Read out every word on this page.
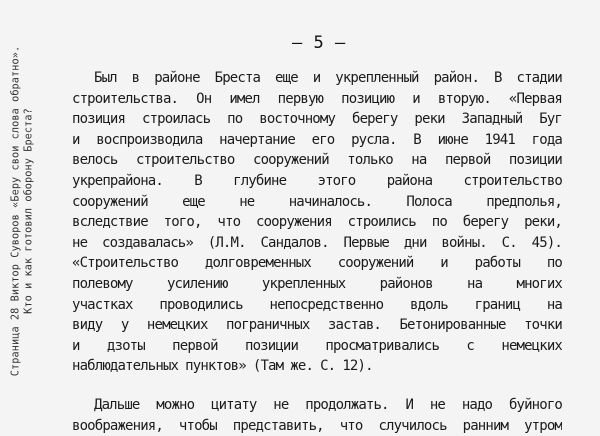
Страница 28 Виктор Суворов «Беру свои слова обратно». Кто и как готовил оборону Бреста?
– 5 –

Был в районе Бреста еще и укрепленный район. В стадии
строительства. Он имел первую позицию и вторую. «Первая
позиция строилась по восточному берегу реки Западный Буг
и воспроизводила начертание его русла. В июне 1941 года
велось строительство сооружений только на первой позиции
укрепрайона. В глубине этого района строительство
сооружений еще не начиналось. Полоса предполья,
вследствие того, что сооружения строились по берегу реки,
не создавалась» (Л.М. Сандалов. Первые дни войны. С. 45).
«Строительство долговременных сооружений и работы по
полевому усилению укрепленных районов на многих
участках проводились непосредственно вдоль границ на
виду у немецких пограничных застав. Бетонированные точки
и дзоты первой позиции просматривались с немецких
наблюдательных пунктов» (Там же. С. 12).

Дальше можно цитату не продолжать. И не надо буйного
воображения, чтобы представить, что случилось ранним утром
